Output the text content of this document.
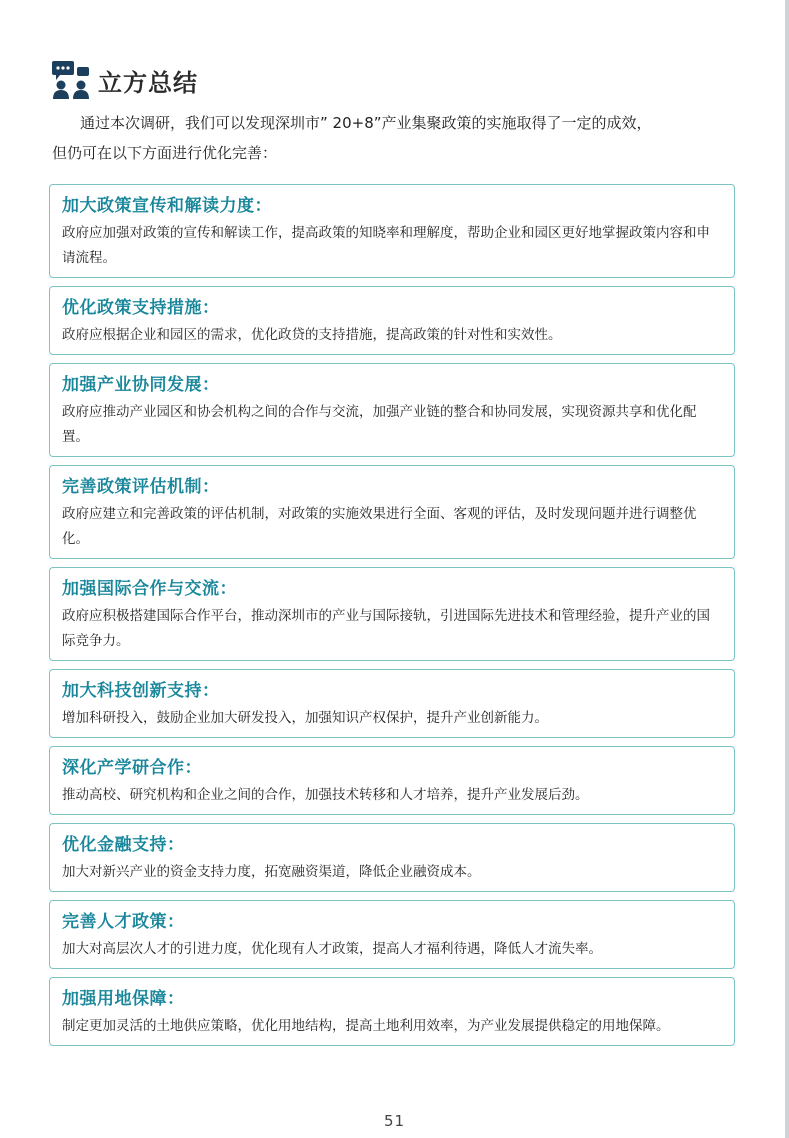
立方总结
通过本次调研，我们可以发现深圳市” 20+8”产业集聚政策的实施取得了一定的成效，
但仍可在以下方面进行优化完善：
加大政策宣传和解读力度：
政府应加强对政策的宣传和解读工作，提高政策的知晓率和理解度，帮助企业和园区更好地掌握政策内容和申请流程。
优化政策支持措施：
政府应根据企业和园区的需求，优化政贷的支持措施，提高政策的针对性和实效性。
加强产业协同发展：
政府应推动产业园区和协会机构之间的合作与交流，加强产业链的整合和协同发展，实现资源共享和优化配置。
完善政策评估机制：
政府应建立和完善政策的评估机制，对政策的实施效果进行全面、客观的评估，及时发现问题并进行调整优化。
加强国际合作与交流：
政府应积极搭建国际合作平台，推动深圳市的产业与国际接轨，引进国际先进技术和管理经验，提升产业的国际竞争力。
加大科技创新支持：
增加科研投入，鼓励企业加大研发投入，加强知识产权保护，提升产业创新能力。
深化产学研合作：
推动高校、研究机构和企业之间的合作，加强技术转移和人才培养，提升产业发展后劲。
优化金融支持：
加大对新兴产业的资金支持力度，拓宽融资渠道，降低企业融资成本。
完善人才政策：
加大对高层次人才的引进力度，优化现有人才政策，提高人才福利待遇，降低人才流失率。
加强用地保障：
制定更加灵活的土地供应策略，优化用地结构，提高土地利用效率，为产业发展提供稳定的用地保障。
51
